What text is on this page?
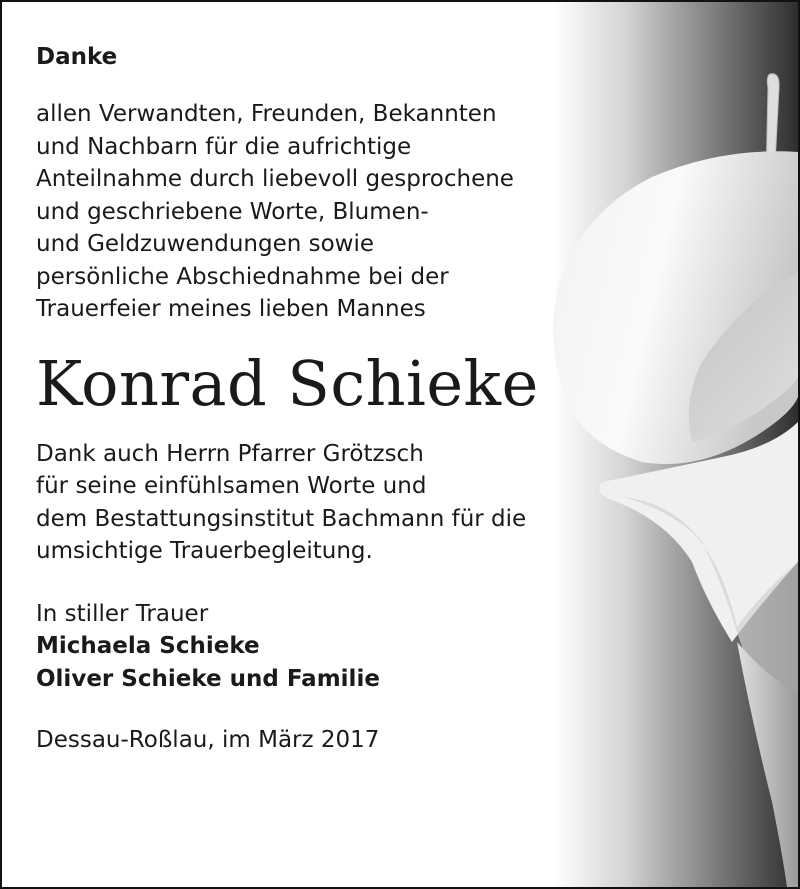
Danke
allen Verwandten, Freunden, Bekannten
und Nachbarn für die aufrichtige
Anteilnahme durch liebevoll gesprochene
und geschriebene Worte, Blumen-
und Geldzuwendungen sowie
persönliche Abschiednahme bei der
Trauerfeier meines lieben Mannes
Konrad Schieke
Dank auch Herrn Pfarrer Grötzsch
für seine einfühlsamen Worte und
dem Bestattungsinstitut Bachmann für die
umsichtige Trauerbegleitung.
In stiller Trauer
Michaela Schieke
Oliver Schieke und Familie
Dessau-Roßlau, im März 2017
